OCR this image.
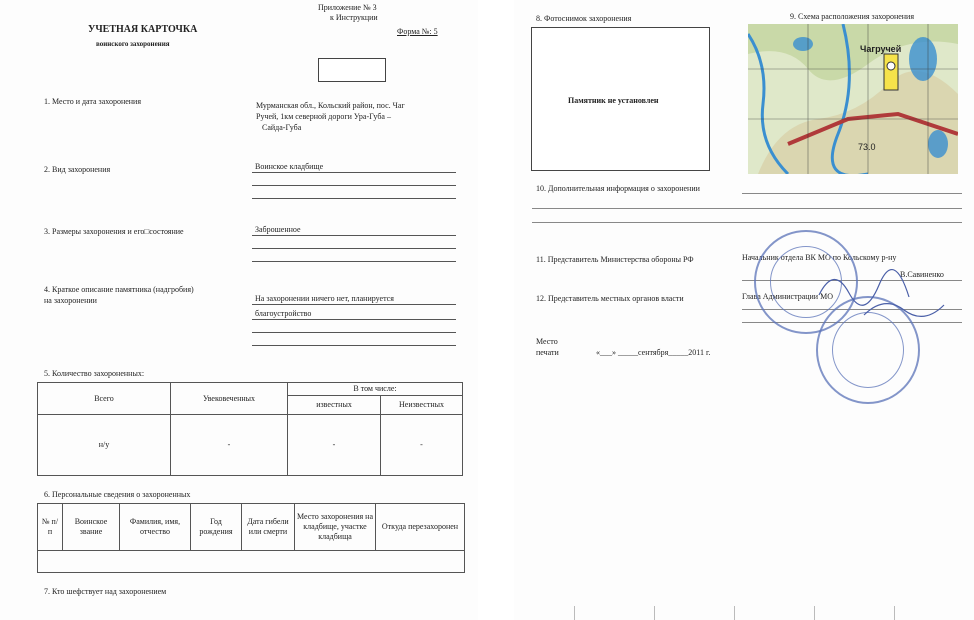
Приложение № 3
к Инструкции
УЧЕТНАЯ КАРТОЧКА
воинского захоронения
Форма №: 5
1. Место и дата захоронения	Мурманская обл., Кольский район, пос. Чаг
Ручей, 1км северной дороги Ура-Губа –
Сайда-Губа
2. Вид захоронения	Воинское кладбище
3. Размеры захоронения и его□состояние	Заброшенное
4. Краткое описание памятника (надгробия)
на захоронении	На захоронении ничего нет, планируется
благоустройство
5. Количество захороненных:
Всего	Увековеченных	В том числе:	
		известных	Неизвестных
н/у	-	-	-
6. Персональные сведения о захороненных
№ п/п	Воинское звание	Фамилия, имя, отчество	Год рождения	Дата гибели или смерти	Место захоронения на кладбище, участке кладбища	Откуда перезахоронен

7. Кто шефствует над захоронением
8. Фотоснимок захоронения
Памятник не установлен
9. Схема расположения захоронения
Чагручей
73.0
10. Дополнительная информация о захоронении
11. Представитель Министерства обороны РФ	Начальник отдела ВК МО по Кольскому р-ну
В.Савиненко
12. Представитель местных органов власти	Глава Администрации МО
Место
печати	«___» _____сентября_____2011 г.
